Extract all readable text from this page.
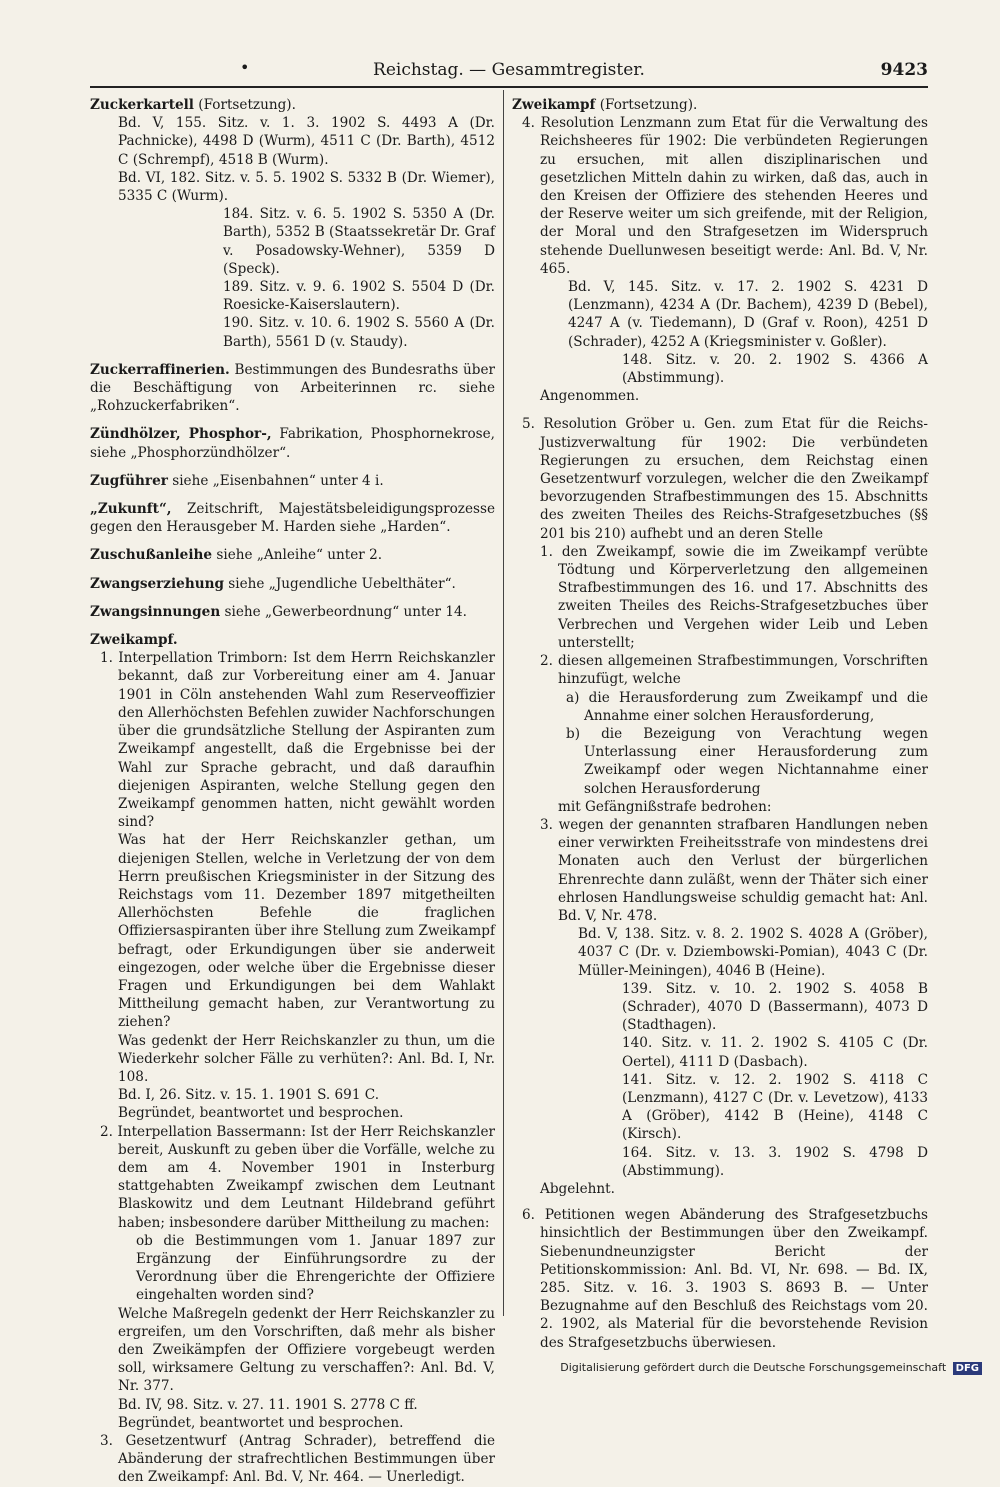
•	Reichstag. — Gesammtregister.	9423

Zuckerkartell (Fortsetzung).

Bd. V, 155. Sitz. v. 1. 3. 1902 S. 4493 A (Dr. Pachnicke), 4498 D (Wurm), 4511 C (Dr. Barth), 4512 C (Schrempf), 4518 B (Wurm).

Bd. VI, 182. Sitz. v. 5. 5. 1902 S. 5332 B (Dr. Wiemer), 5335 C (Wurm).

184. Sitz. v. 6. 5. 1902 S. 5350 A (Dr. Barth), 5352 B (Staatssekretär Dr. Graf v. Posadowsky-Wehner), 5359 D (Speck).

189. Sitz. v. 9. 6. 1902 S. 5504 D (Dr. Roesicke-Kaiserslautern).

190. Sitz. v. 10. 6. 1902 S. 5560 A (Dr. Barth), 5561 D (v. Staudy).

Zuckerraffinerien. Bestimmungen des Bundesraths über die Beschäftigung von Arbeiterinnen rc. siehe „Rohzuckerfabriken“.

Zündhölzer, Phosphor-, Fabrikation, Phosphornekrose, siehe „Phosphorzündhölzer“.

Zugführer siehe „Eisenbahnen“ unter 4 i.

„Zukunft“, Zeitschrift, Majestätsbeleidigungsprozesse gegen den Herausgeber M. Harden siehe „Harden“.

Zuschußanleihe siehe „Anleihe“ unter 2.

Zwangserziehung siehe „Jugendliche Uebelthäter“.

Zwangsinnungen siehe „Gewerbeordnung“ unter 14.

Zweikampf.

1. Interpellation Trimborn: Ist dem Herrn Reichskanzler bekannt, daß zur Vorbereitung einer am 4. Januar 1901 in Cöln anstehenden Wahl zum Reserveoffizier den Allerhöchsten Befehlen zuwider Nachforschungen über die grundsätzliche Stellung der Aspiranten zum Zweikampf angestellt, daß die Ergebnisse bei der Wahl zur Sprache gebracht, und daß daraufhin diejenigen Aspiranten, welche Stellung gegen den Zweikampf genommen hatten, nicht gewählt worden sind?

Was hat der Herr Reichskanzler gethan, um diejenigen Stellen, welche in Verletzung der von dem Herrn preußischen Kriegsminister in der Sitzung des Reichstags vom 11. Dezember 1897 mitgetheilten Allerhöchsten Befehle die fraglichen Offiziersaspiranten über ihre Stellung zum Zweikampf befragt, oder Erkundigungen über sie anderweit eingezogen, oder welche über die Ergebnisse dieser Fragen und Erkundigungen bei dem Wahlakt Mittheilung gemacht haben, zur Verantwortung zu ziehen?

Was gedenkt der Herr Reichskanzler zu thun, um die Wiederkehr solcher Fälle zu verhüten?: Anl. Bd. I, Nr. 108.

Bd. I, 26. Sitz. v. 15. 1. 1901 S. 691 C.

Begründet, beantwortet und besprochen.

2. Interpellation Bassermann: Ist der Herr Reichskanzler bereit, Auskunft zu geben über die Vorfälle, welche zu dem am 4. November 1901 in Insterburg stattgehabten Zweikampf zwischen dem Leutnant Blaskowitz und dem Leutnant Hildebrand geführt haben; insbesondere darüber Mittheilung zu machen:

ob die Bestimmungen vom 1. Januar 1897 zur Ergänzung der Einführungsordre zu der Verordnung über die Ehrengerichte der Offiziere eingehalten worden sind?

Welche Maßregeln gedenkt der Herr Reichskanzler zu ergreifen, um den Vorschriften, daß mehr als bisher den Zweikämpfen der Offiziere vorgebeugt werden soll, wirksamere Geltung zu verschaffen?: Anl. Bd. V, Nr. 377.

Bd. IV, 98. Sitz. v. 27. 11. 1901 S. 2778 C ff.

Begründet, beantwortet und besprochen.

3. Gesetzentwurf (Antrag Schrader), betreffend die Abänderung der strafrechtlichen Bestimmungen über den Zweikampf: Anl. Bd. V, Nr. 464. — Unerledigt.

Zweikampf (Fortsetzung).

4. Resolution Lenzmann zum Etat für die Verwaltung des Reichsheeres für 1902: Die verbündeten Regierungen zu ersuchen, mit allen disziplinarischen und gesetzlichen Mitteln dahin zu wirken, daß das, auch in den Kreisen der Offiziere des stehenden Heeres und der Reserve weiter um sich greifende, mit der Religion, der Moral und den Strafgesetzen im Widerspruch stehende Duellunwesen beseitigt werde: Anl. Bd. V, Nr. 465.

Bd. V, 145. Sitz. v. 17. 2. 1902 S. 4231 D (Lenzmann), 4234 A (Dr. Bachem), 4239 D (Bebel), 4247 A (v. Tiedemann), D (Graf v. Roon), 4251 D (Schrader), 4252 A (Kriegsminister v. Goßler).

148. Sitz. v. 20. 2. 1902 S. 4366 A (Abstimmung).

Angenommen.

5. Resolution Gröber u. Gen. zum Etat für die Reichs-Justizverwaltung für 1902: Die verbündeten Regierungen zu ersuchen, dem Reichstag einen Gesetzentwurf vorzulegen, welcher die den Zweikampf bevorzugenden Strafbestimmungen des 15. Abschnitts des zweiten Theiles des Reichs-Strafgesetzbuches (§§ 201 bis 210) aufhebt und an deren Stelle

1. den Zweikampf, sowie die im Zweikampf verübte Tödtung und Körperverletzung den allgemeinen Strafbestimmungen des 16. und 17. Abschnitts des zweiten Theiles des Reichs-Strafgesetzbuches über Verbrechen und Vergehen wider Leib und Leben unterstellt;

2. diesen allgemeinen Strafbestimmungen, Vorschriften hinzufügt, welche

a) die Herausforderung zum Zweikampf und die Annahme einer solchen Herausforderung,

b) die Bezeigung von Verachtung wegen Unterlassung einer Herausforderung zum Zweikampf oder wegen Nichtannahme einer solchen Herausforderung

mit Gefängnißstrafe bedrohen:

3. wegen der genannten strafbaren Handlungen neben einer verwirkten Freiheitsstrafe von mindestens drei Monaten auch den Verlust der bürgerlichen Ehrenrechte dann zuläßt, wenn der Thäter sich einer ehrlosen Handlungsweise schuldig gemacht hat: Anl. Bd. V, Nr. 478.

Bd. V, 138. Sitz. v. 8. 2. 1902 S. 4028 A (Gröber), 4037 C (Dr. v. Dziembowski-Pomian), 4043 C (Dr. Müller-Meiningen), 4046 B (Heine).

139. Sitz. v. 10. 2. 1902 S. 4058 B (Schrader), 4070 D (Bassermann), 4073 D (Stadthagen).

140. Sitz. v. 11. 2. 1902 S. 4105 C (Dr. Oertel), 4111 D (Dasbach).

141. Sitz. v. 12. 2. 1902 S. 4118 C (Lenzmann), 4127 C (Dr. v. Levetzow), 4133 A (Gröber), 4142 B (Heine), 4148 C (Kirsch).

164. Sitz. v. 13. 3. 1902 S. 4798 D (Abstimmung).

Abgelehnt.

6. Petitionen wegen Abänderung des Strafgesetzbuchs hinsichtlich der Bestimmungen über den Zweikampf. Siebenundneunzigster Bericht der Petitionskommission: Anl. Bd. VI, Nr. 698. — Bd. IX, 285. Sitz. v. 16. 3. 1903 S. 8693 B. — Unter Bezugnahme auf den Beschluß des Reichstags vom 20. 2. 1902, als Material für die bevorstehende Revision des Strafgesetzbuchs überwiesen.

Digitalisierung gefördert durch die Deutsche Forschungsgemeinschaft DFG
